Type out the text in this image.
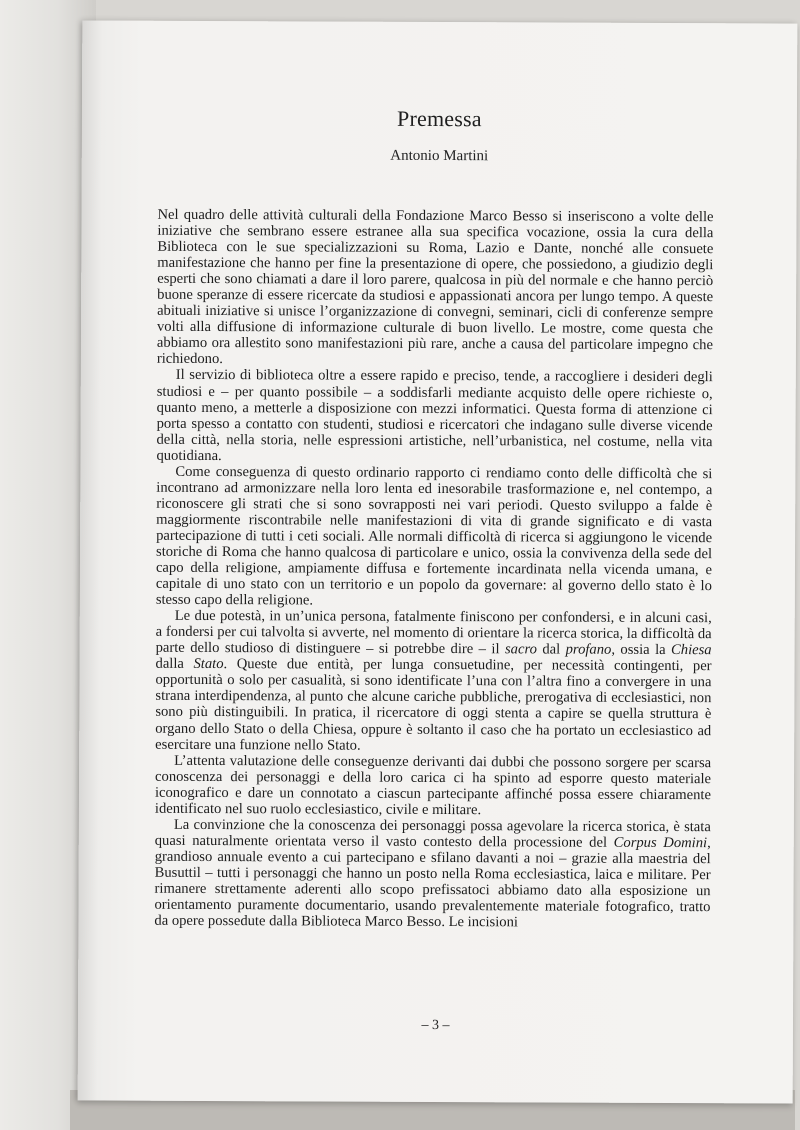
Premessa
Antonio Martini

Nel quadro delle attività culturali della Fondazione Marco Besso si inseriscono a volte delle iniziative che sembrano essere estranee alla sua specifica vocazione, ossia la cura della Biblioteca con le sue specializzazioni su Roma, Lazio e Dante, nonché alle consuete manifestazione che hanno per fine la presentazione di opere, che possiedono, a giudizio degli esperti che sono chiamati a dare il loro parere, qualcosa in più del normale e che hanno perciò buone speranze di essere ricercate da studiosi e appassionati ancora per lungo tempo. A queste abituali iniziative si unisce l’organizzazione di convegni, seminari, cicli di conferenze sempre volti alla diffusione di informazione culturale di buon livello. Le mostre, come questa che abbiamo ora allestito sono manifestazioni più rare, anche a causa del particolare impegno che richiedono.

Il servizio di biblioteca oltre a essere rapido e preciso, tende, a raccogliere i desideri degli studiosi e – per quanto possibile – a soddisfarli mediante acquisto delle opere richieste o, quanto meno, a metterle a disposizione con mezzi informatici. Questa forma di attenzione ci porta spesso a contatto con studenti, studiosi e ricercatori che indagano sulle diverse vicende della città, nella storia, nelle espressioni artistiche, nell’urbanistica, nel costume, nella vita quotidiana.

Come conseguenza di questo ordinario rapporto ci rendiamo conto delle difficoltà che si incontrano ad armonizzare nella loro lenta ed inesorabile trasformazione e, nel contempo, a riconoscere gli strati che si sono sovrapposti nei vari periodi. Questo sviluppo a falde è maggiormente riscontrabile nelle manifestazioni di vita di grande significato e di vasta partecipazione di tutti i ceti sociali. Alle normali difficoltà di ricerca si aggiungono le vicende storiche di Roma che hanno qualcosa di particolare e unico, ossia la convivenza della sede del capo della religione, ampiamente diffusa e fortemente incardinata nella vicenda umana, e capitale di uno stato con un territorio e un popolo da governare: al governo dello stato è lo stesso capo della religione.

Le due potestà, in un’unica persona, fatalmente finiscono per confondersi, e in alcuni casi, a fondersi per cui talvolta si avverte, nel momento di orientare la ricerca storica, la difficoltà da parte dello studioso di distinguere – si potrebbe dire – il sacro dal profano, ossia la Chiesa dalla Stato. Queste due entità, per lunga consuetudine, per necessità contingenti, per opportunità o solo per casualità, si sono identificate l’una con l’altra fino a convergere in una strana interdipendenza, al punto che alcune cariche pubbliche, prerogativa di ecclesiastici, non sono più distinguibili. In pratica, il ricercatore di oggi stenta a capire se quella struttura è organo dello Stato o della Chiesa, oppure è soltanto il caso che ha portato un ecclesiastico ad esercitare una funzione nello Stato.

L’attenta valutazione delle conseguenze derivanti dai dubbi che possono sorgere per scarsa conoscenza dei personaggi e della loro carica ci ha spinto ad esporre questo materiale iconografico e dare un connotato a ciascun partecipante affinché possa essere chiaramente identificato nel suo ruolo ecclesiastico, civile e militare.

La convinzione che la conoscenza dei personaggi possa agevolare la ricerca storica, è stata quasi naturalmente orientata verso il vasto contesto della processione del Corpus Domini, grandioso annuale evento a cui partecipano e sfilano davanti a noi – grazie alla maestria del Busuttil – tutti i personaggi che hanno un posto nella Roma ecclesiastica, laica e militare. Per rimanere strettamente aderenti allo scopo prefissatoci abbiamo dato alla esposizione un orientamento puramente documentario, usando prevalentemente materiale fotografico, tratto da opere possedute dalla Biblioteca Marco Besso. Le incisioni

– 3 –
